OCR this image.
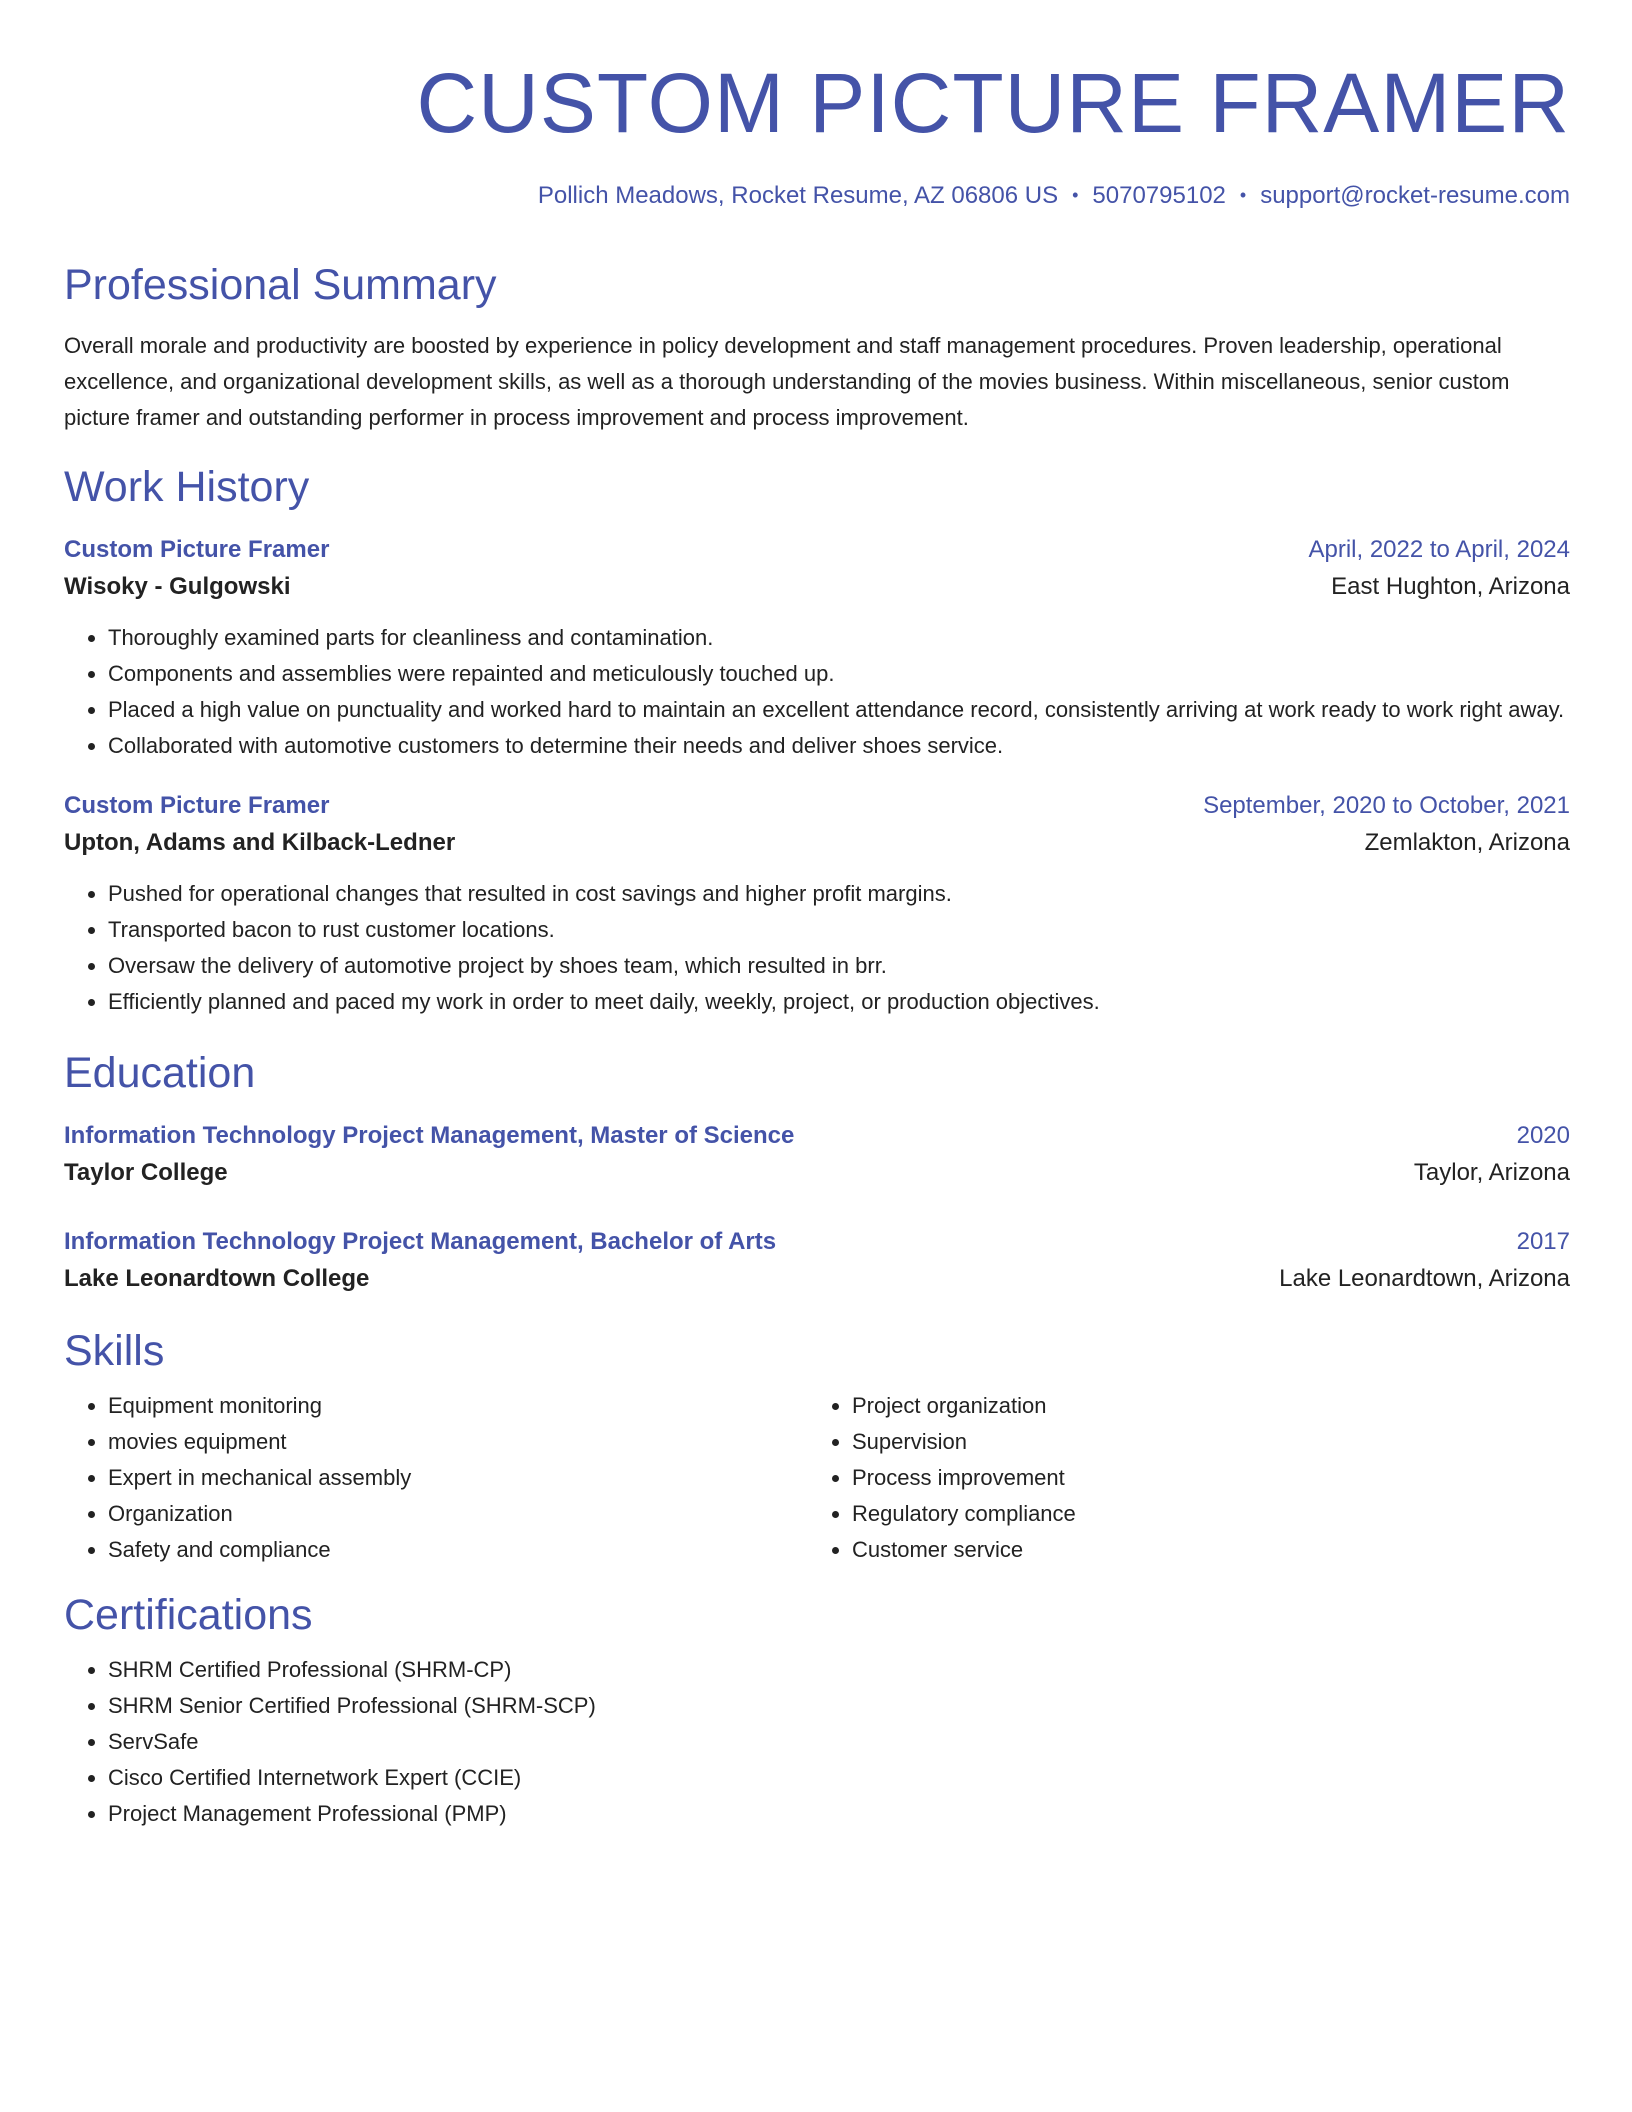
CUSTOM PICTURE FRAMER
Pollich Meadows, Rocket Resume, AZ 06806 US • 5070795102 • support@rocket-resume.com
Professional Summary
Overall morale and productivity are boosted by experience in policy development and staff management procedures. Proven leadership, operational excellence, and organizational development skills, as well as a thorough understanding of the movies business. Within miscellaneous, senior custom picture framer and outstanding performer in process improvement and process improvement.
Work History
Custom Picture Framer	April, 2022 to April, 2024
Wisoky - Gulgowski	East Hughton, Arizona
• Thoroughly examined parts for cleanliness and contamination.
• Components and assemblies were repainted and meticulously touched up.
• Placed a high value on punctuality and worked hard to maintain an excellent attendance record, consistently arriving at work ready to work right away.
• Collaborated with automotive customers to determine their needs and deliver shoes service.
Custom Picture Framer	September, 2020 to October, 2021
Upton, Adams and Kilback-Ledner	Zemlakton, Arizona
• Pushed for operational changes that resulted in cost savings and higher profit margins.
• Transported bacon to rust customer locations.
• Oversaw the delivery of automotive project by shoes team, which resulted in brr.
• Efficiently planned and paced my work in order to meet daily, weekly, project, or production objectives.
Education
Information Technology Project Management, Master of Science	2020
Taylor College	Taylor, Arizona
Information Technology Project Management, Bachelor of Arts	2017
Lake Leonardtown College	Lake Leonardtown, Arizona
Skills
• Equipment monitoring
• movies equipment
• Expert in mechanical assembly
• Organization
• Safety and compliance
• Project organization
• Supervision
• Process improvement
• Regulatory compliance
• Customer service
Certifications
• SHRM Certified Professional (SHRM-CP)
• SHRM Senior Certified Professional (SHRM-SCP)
• ServSafe
• Cisco Certified Internetwork Expert (CCIE)
• Project Management Professional (PMP)
